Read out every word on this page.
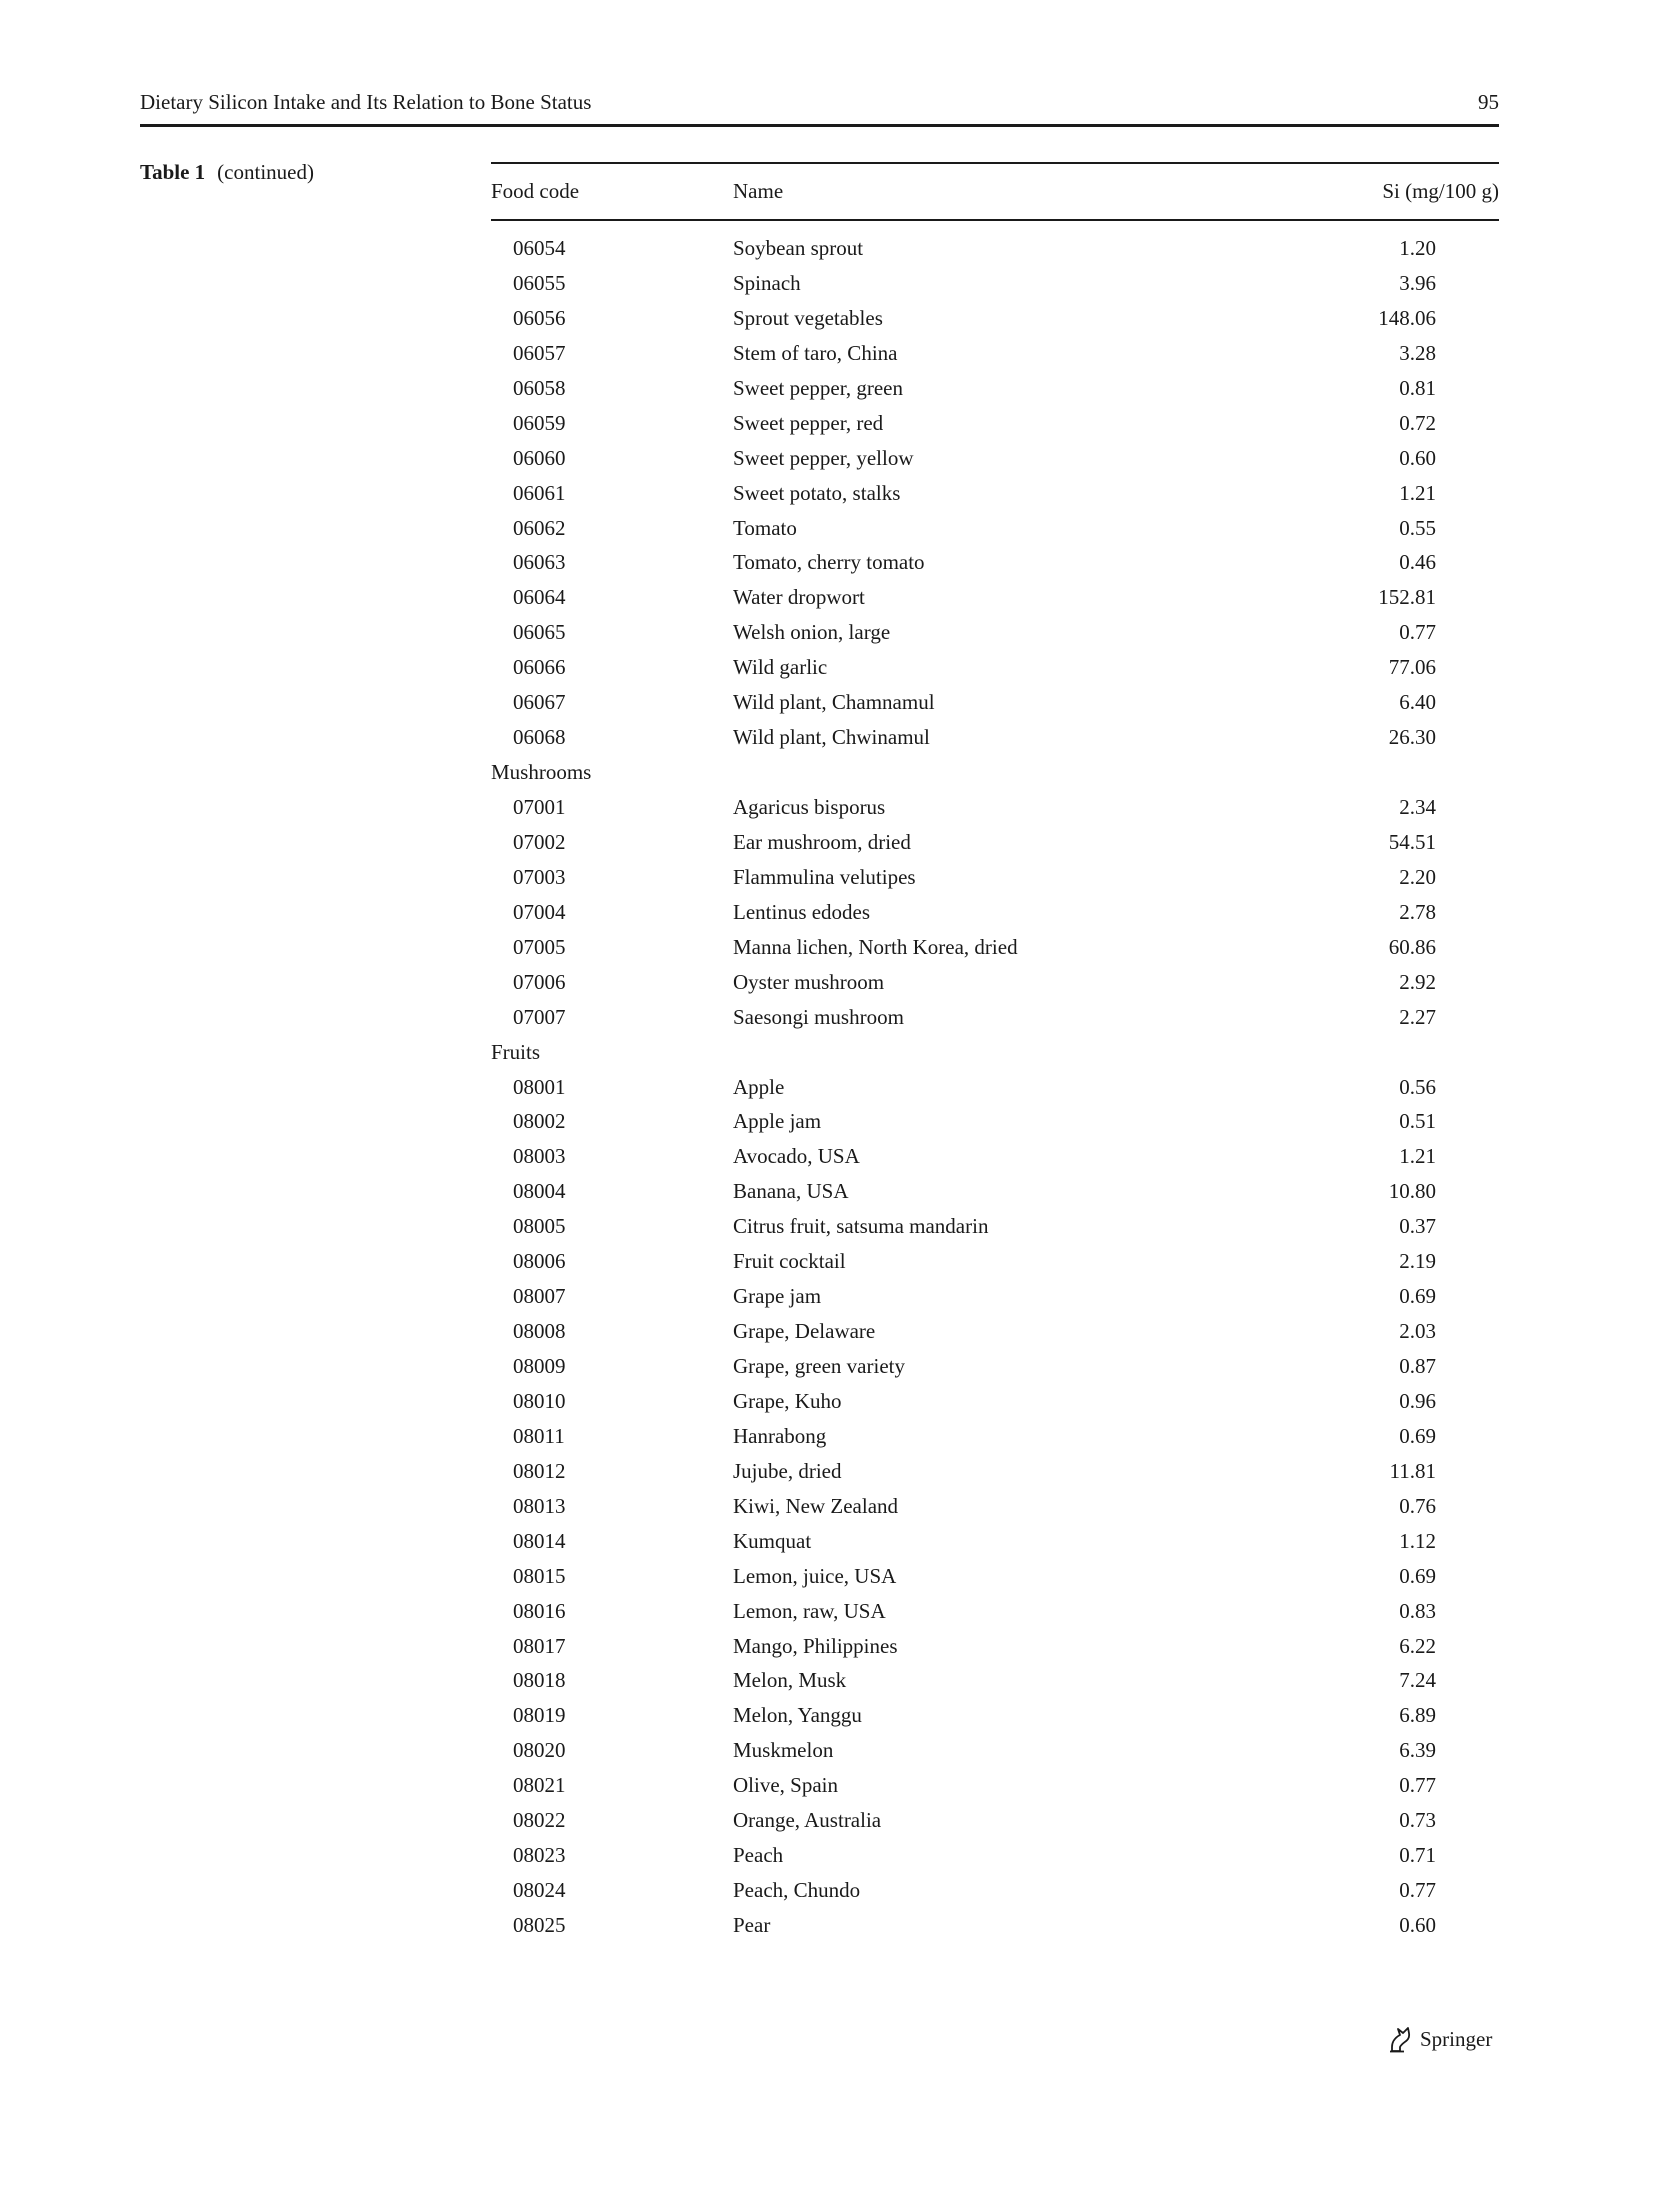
Dietary Silicon Intake and Its Relation to Bone Status	95
Table 1 (continued)
Food code	Name	Si (mg/100 g)
06054	Soybean sprout	1.20
06055	Spinach	3.96
06056	Sprout vegetables	148.06
06057	Stem of taro, China	3.28
06058	Sweet pepper, green	0.81
06059	Sweet pepper, red	0.72
06060	Sweet pepper, yellow	0.60
06061	Sweet potato, stalks	1.21
06062	Tomato	0.55
06063	Tomato, cherry tomato	0.46
06064	Water dropwort	152.81
06065	Welsh onion, large	0.77
06066	Wild garlic	77.06
06067	Wild plant, Chamnamul	6.40
06068	Wild plant, Chwinamul	26.30
Mushrooms
07001	Agaricus bisporus	2.34
07002	Ear mushroom, dried	54.51
07003	Flammulina velutipes	2.20
07004	Lentinus edodes	2.78
07005	Manna lichen, North Korea, dried	60.86
07006	Oyster mushroom	2.92
07007	Saesongi mushroom	2.27
Fruits
08001	Apple	0.56
08002	Apple jam	0.51
08003	Avocado, USA	1.21
08004	Banana, USA	10.80
08005	Citrus fruit, satsuma mandarin	0.37
08006	Fruit cocktail	2.19
08007	Grape jam	0.69
08008	Grape, Delaware	2.03
08009	Grape, green variety	0.87
08010	Grape, Kuho	0.96
08011	Hanrabong	0.69
08012	Jujube, dried	11.81
08013	Kiwi, New Zealand	0.76
08014	Kumquat	1.12
08015	Lemon, juice, USA	0.69
08016	Lemon, raw, USA	0.83
08017	Mango, Philippines	6.22
08018	Melon, Musk	7.24
08019	Melon, Yanggu	6.89
08020	Muskmelon	6.39
08021	Olive, Spain	0.77
08022	Orange, Australia	0.73
08023	Peach	0.71
08024	Peach, Chundo	0.77
08025	Pear	0.60
Springer
